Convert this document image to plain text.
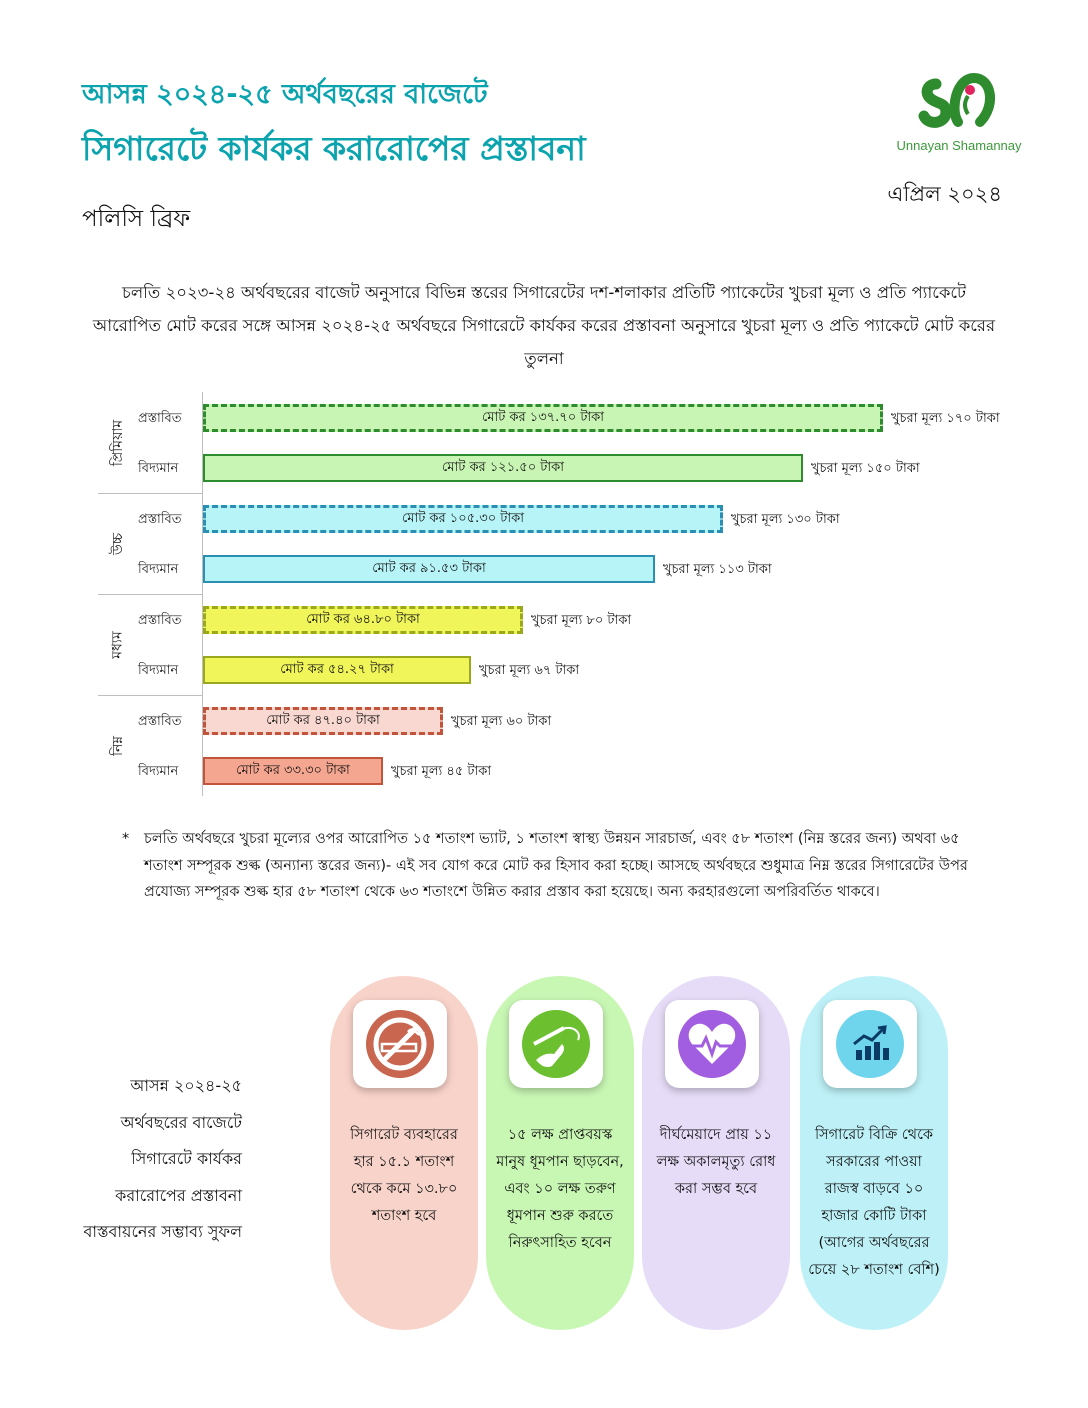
আসন্ন ২০২৪-২৫ অর্থবছরের বাজেটে
সিগারেটে কার্যকর করারোপের প্রস্তাবনা
পলিসি ব্রিফ
এপ্রিল ২০২৪
Unnayan Shamannay
চলতি ২০২৩-২৪ অর্থবছরের বাজেট অনুসারে বিভিন্ন স্তরের সিগারেটের দশ-শলাকার প্রতিটি প্যাকেটের খুচরা মূল্য ও প্রতি প্যাকেটে আরোপিত মোট করের সঙ্গে আসন্ন ২০২৪-২৫ অর্থবছরে সিগারেটে কার্যকর করের প্রস্তাবনা অনুসারে খুচরা মূল্য ও প্রতি প্যাকেটে মোট করের তুলনা
প্রিমিয়াম
প্রস্তাবিত	মোট কর ১৩৭.৭০ টাকা	খুচরা মূল্য ১৭০ টাকা
বিদ্যমান	মোট কর ১২১.৫০ টাকা	খুচরা মূল্য ১৫০ টাকা
উচ্চ
প্রস্তাবিত	মোট কর ১০৫.৩০ টাকা	খুচরা মূল্য ১৩০ টাকা
বিদ্যমান	মোট কর ৯১.৫৩ টাকা	খুচরা মূল্য ১১৩ টাকা
মধ্যম
প্রস্তাবিত	মোট কর ৬৪.৮০ টাকা	খুচরা মূল্য ৮০ টাকা
বিদ্যমান	মোট কর ৫৪.২৭ টাকা	খুচরা মূল্য ৬৭ টাকা
নিম্ন
প্রস্তাবিত	মোট কর ৪৭.৪০ টাকা	খুচরা মূল্য ৬০ টাকা
বিদ্যমান	মোট কর ৩৩.৩০ টাকা	খুচরা মূল্য ৪৫ টাকা
* চলতি অর্থবছরে খুচরা মূল্যের ওপর আরোপিত ১৫ শতাংশ ভ্যাট, ১ শতাংশ স্বাস্থ্য উন্নয়ন সারচার্জ, এবং ৫৮ শতাংশ (নিম্ন স্তরের জন্য) অথবা ৬৫ শতাংশ সম্পূরক শুল্ক (অন্যান্য স্তরের জন্য)- এই সব যোগ করে মোট কর হিসাব করা হচ্ছে। আসছে অর্থবছরে শুধুমাত্র নিম্ন স্তরের সিগারেটের উপর প্রযোজ্য সম্পূরক শুল্ক হার ৫৮ শতাংশ থেকে ৬৩ শতাংশে উন্নিত করার প্রস্তাব করা হয়েছে। অন্য করহারগুলো অপরিবর্তিত থাকবে।
আসন্ন ২০২৪-২৫ অর্থবছরের বাজেটে সিগারেটে কার্যকর করারোপের প্রস্তাবনা বাস্তবায়নের সম্ভাব্য সুফল
সিগারেট ব্যবহারের হার ১৫.১ শতাংশ থেকে কমে ১৩.৮০ শতাংশ হবে
১৫ লক্ষ প্রাপ্তবয়স্ক মানুষ ধূমপান ছাড়বেন, এবং ১০ লক্ষ তরুণ ধূমপান শুরু করতে নিরুৎসাহিত হবেন
দীর্ঘমেয়াদে প্রায় ১১ লক্ষ অকালমৃত্যু রোধ করা সম্ভব হবে
সিগারেট বিক্রি থেকে সরকারের পাওয়া রাজস্ব বাড়বে ১০ হাজার কোটি টাকা (আগের অর্থবছরের চেয়ে ২৮ শতাংশ বেশি)
